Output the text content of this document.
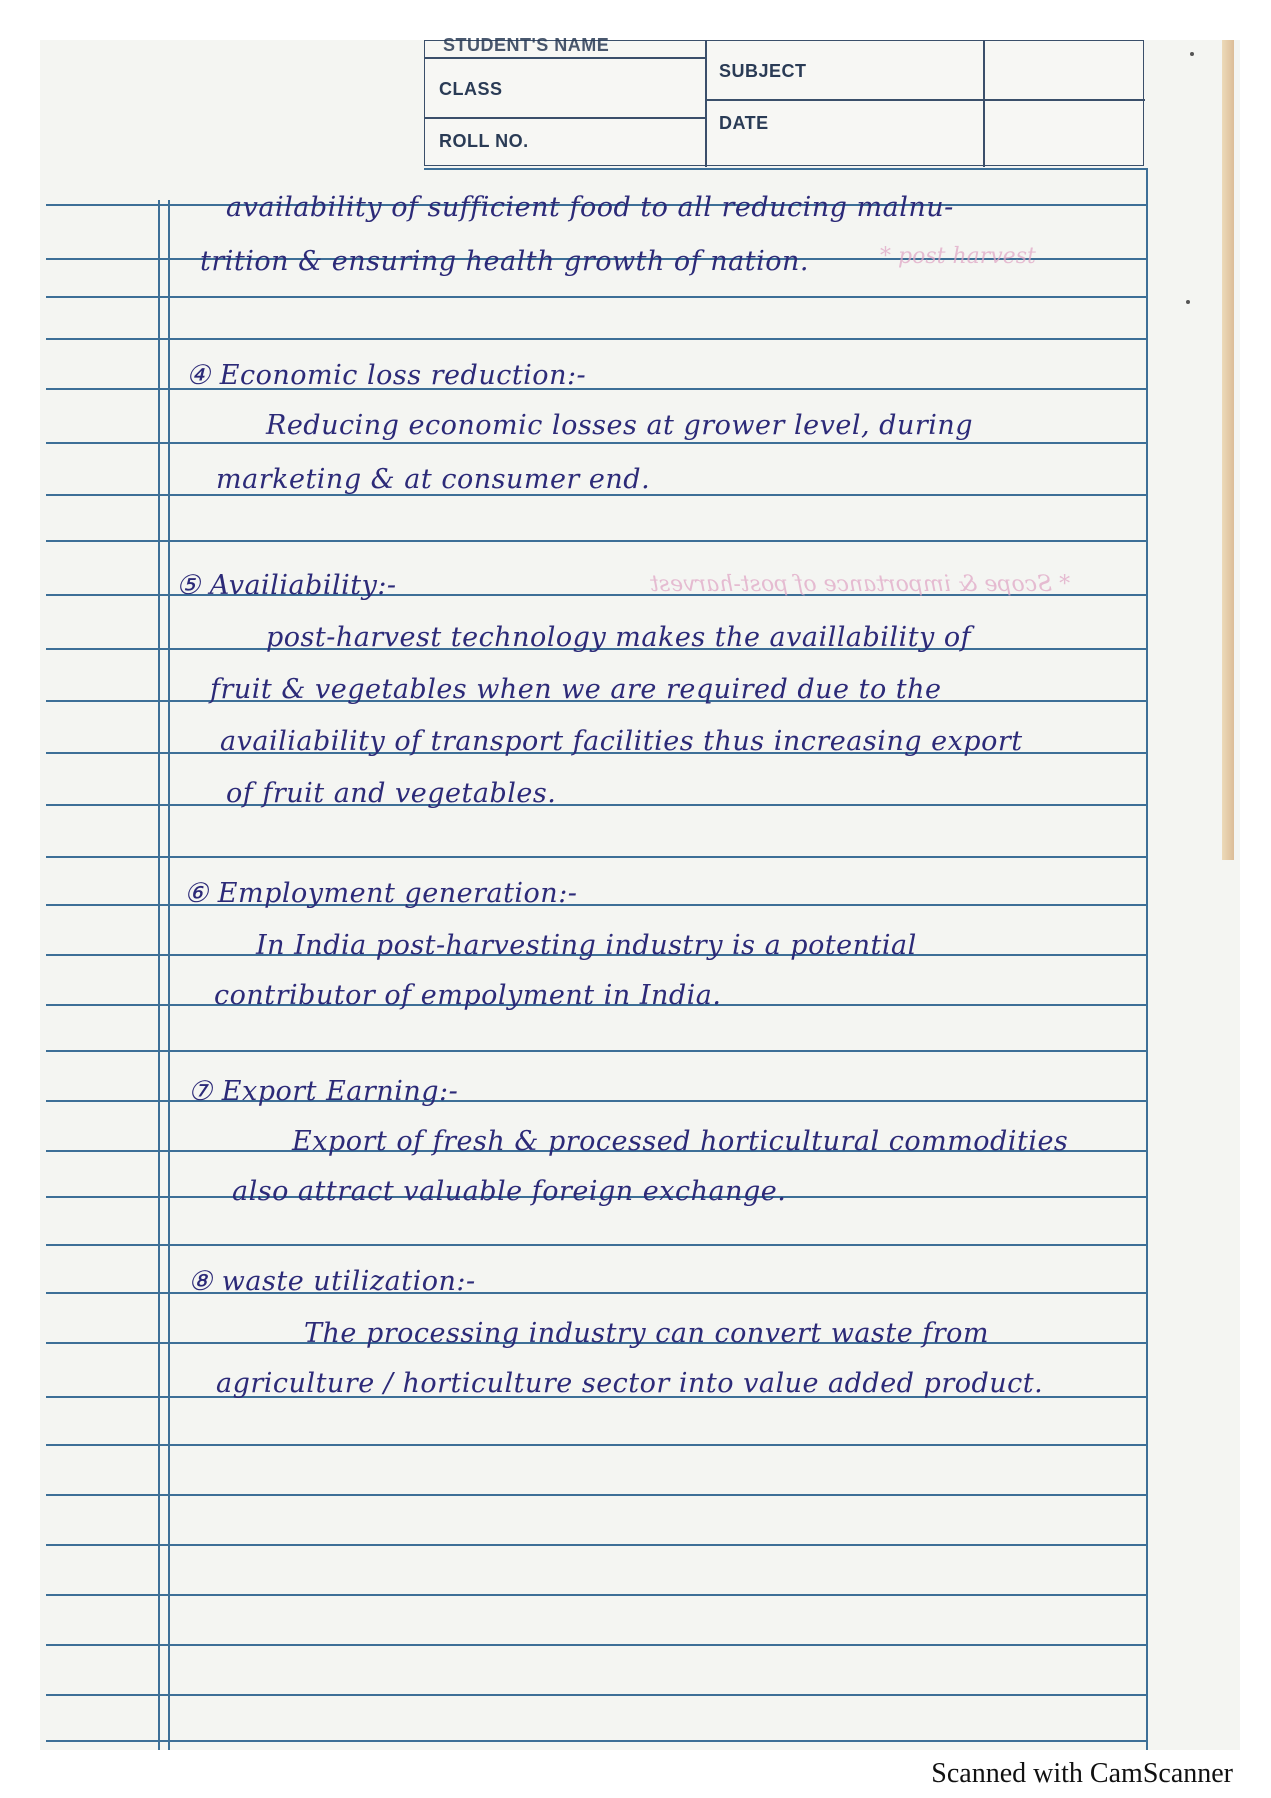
STUDENT'S NAME
CLASS
ROLL NO.
SUBJECT
DATE
* post harvest
* Scope & importance of post-harvest
availability of sufficient food to all reducing malnu-
trition & ensuring health growth of nation.
④ Economic loss reduction:-
Reducing economic losses at grower level, during
marketing & at consumer end.
⑤ Availiability:-
post-harvest technology makes the availlability of
fruit & vegetables when we are required due to the
availiability of transport facilities thus increasing export
of fruit and vegetables.
⑥ Employment generation:-
In India post-harvesting industry is a potential
contributor of empolyment in India.
⑦ Export Earning:-
Export of fresh & processed horticultural commodities
also attract valuable foreign exchange.
⑧ waste utilization:-
The processing industry can convert waste from
agriculture / horticulture sector into value added product.
Scanned with CamScanner
